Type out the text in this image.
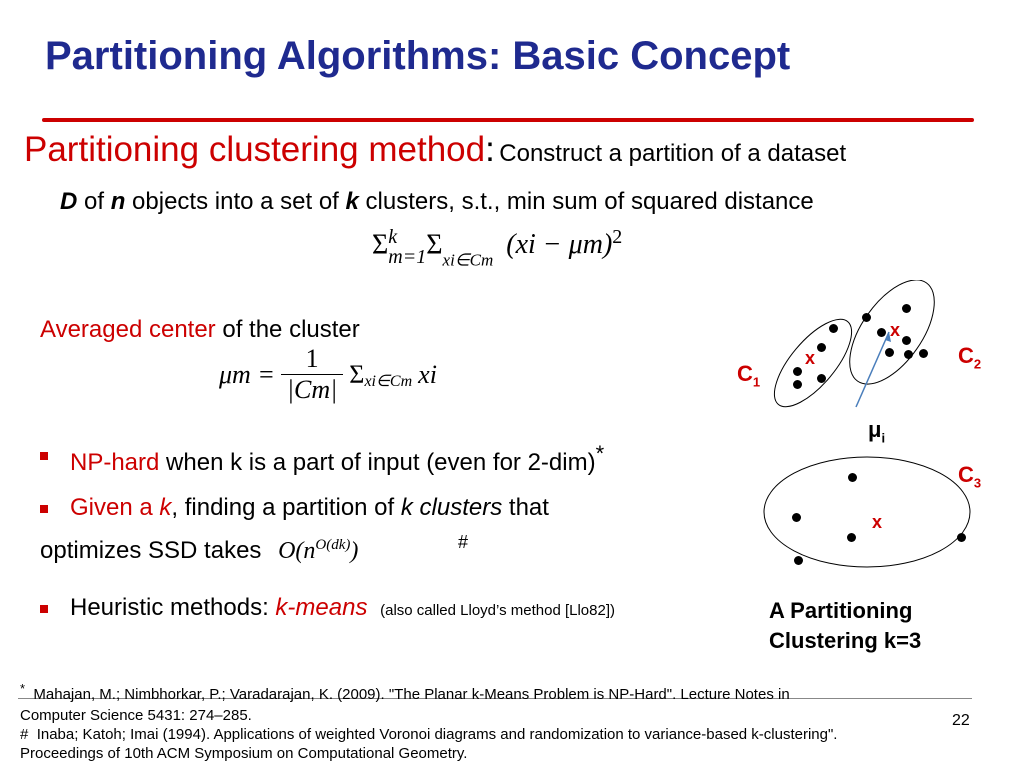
Partitioning Algorithms: Basic Concept
Partitioning clustering method: Construct a partition of a dataset
D of n objects into a set of k clusters, s.t., min sum of squared distance
Σ k
m=1 $\Sigma_{xi\in Cm}$ (xi − μm)$^2$
Averaged center of the cluster
$\mu m = \frac{1}{|Cm|}$ Σ xi∈Cm xi
NP-hard when k is a part of input (even for 2-dim)*
Given a k, finding a partition of k clusters that
optimizes SSD takes $O(n^{O(dk)})$	#
Heuristic methods: k-means (also called Lloyd’s method [Llo82])
x
x
x
$C_1$
$C_2$
$C_3$
$\mu_i$
A Partitioning
Clustering k=3
22
* Mahajan, M.; Nimbhorkar, P.; Varadarajan, K. (2009). "The Planar k-Means Problem is NP-Hard". Lecture Notes in
Computer Science 5431: 274–285.
# Inaba; Katoh; Imai (1994). Applications of weighted Voronoi diagrams and randomization to variance-based k-clustering".
Proceedings of 10th ACM Symposium on Computational Geometry.
